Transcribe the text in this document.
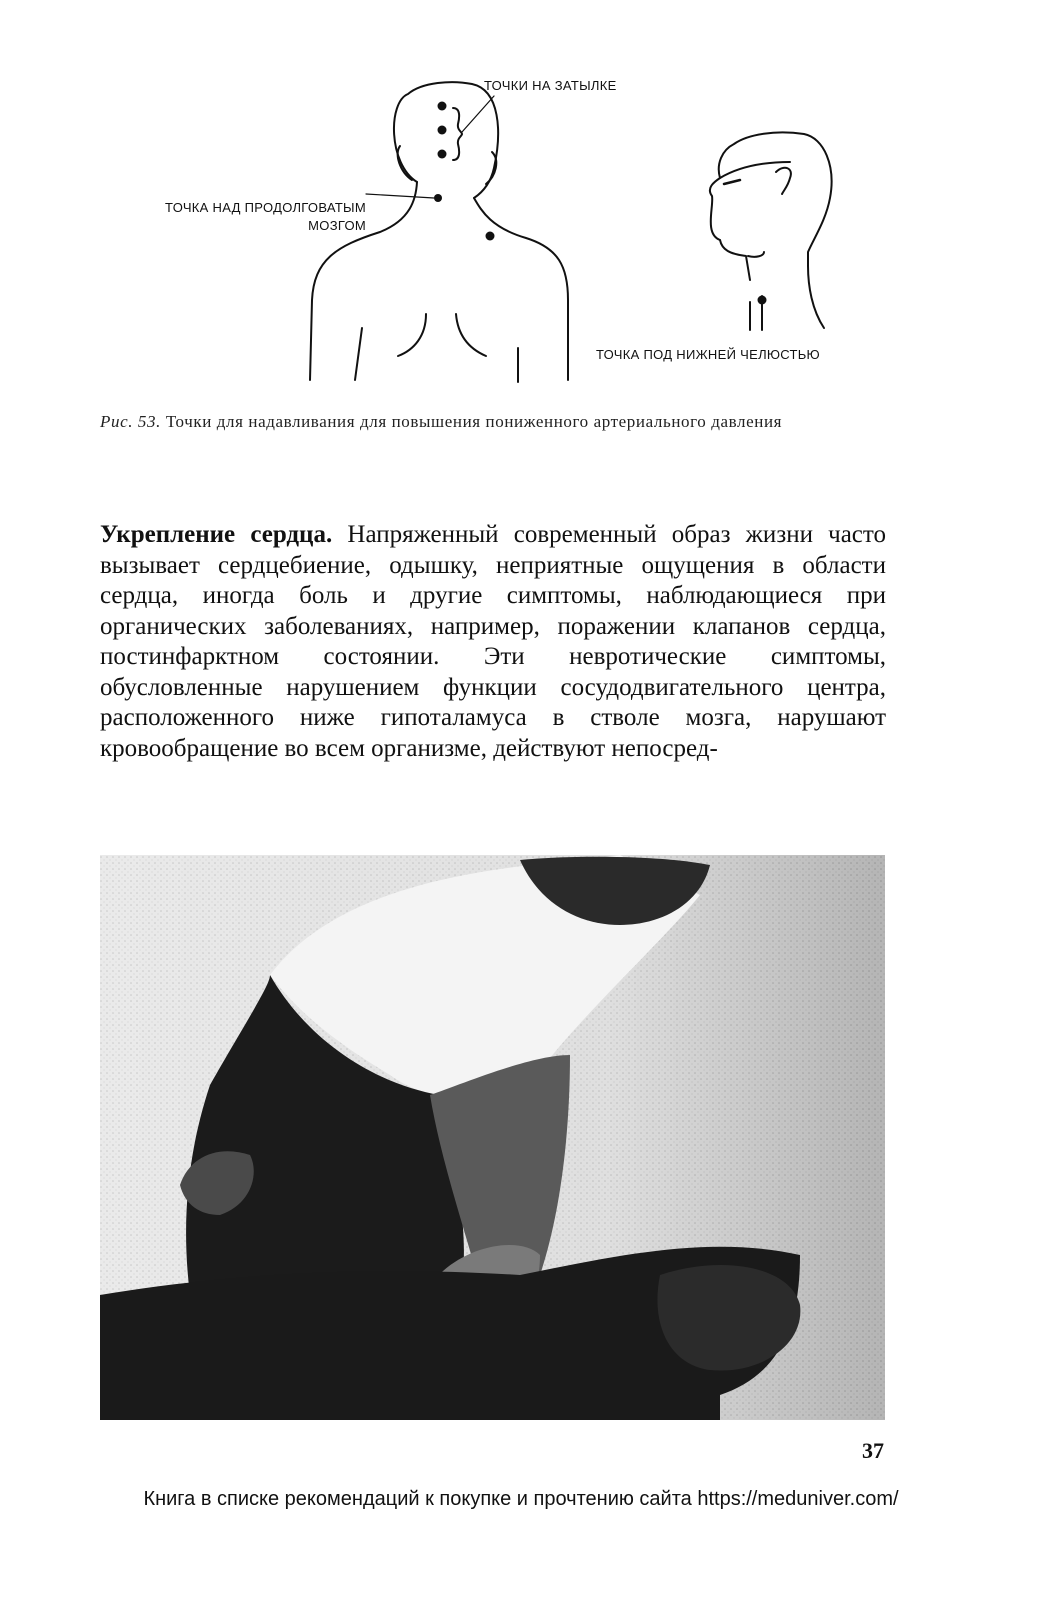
ТОЧКИ НА ЗАТЫЛКЕ
ТОЧКА НАД ПРОДОЛГОВАТЫМ
МОЗГОМ
ТОЧКА ПОД НИЖНЕЙ ЧЕЛЮСТЬЮ
Рис. 53. Точки для надавливания для повышения пониженного артериального давления
Укрепление сердца. Напряженный современный образ жизни часто вызывает сердцебиение, одышку, неприятные ощущения в области сердца, иногда боль и другие симптомы, наблюдающиеся при органических заболеваниях, например, поражении клапанов сердца, постинфарктном состоянии. Эти невротические симптомы, обусловленные нарушением функции сосудодвигательного центра, расположенного ниже гипоталамуса в стволе мозга, нарушают кровообращение во всем организме, действуют непосред-
37
Книга в списке рекомендаций к покупке и прочтению сайта https://meduniver.com/
